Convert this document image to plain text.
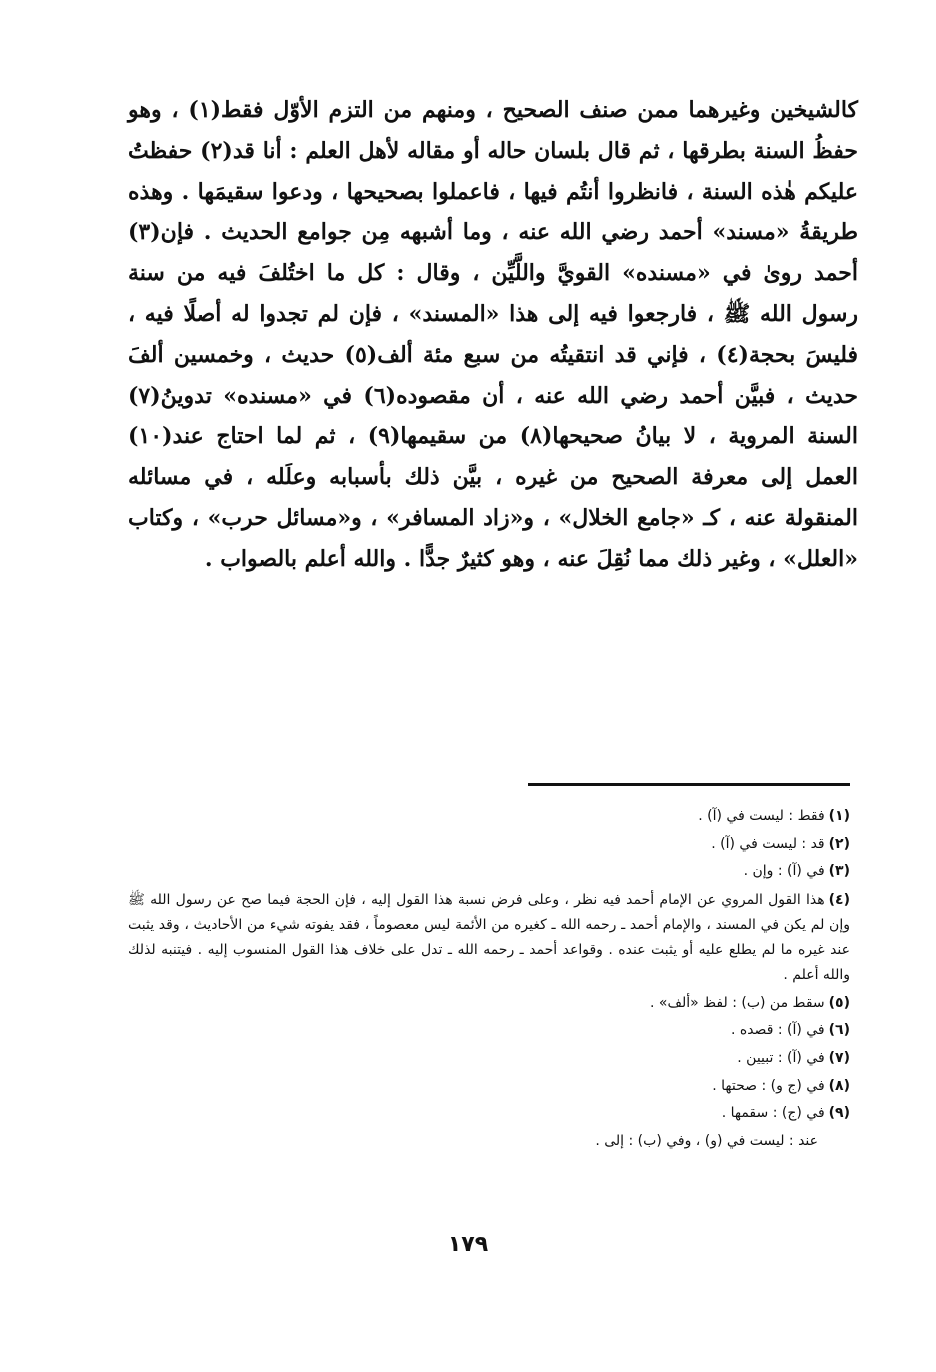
كالشيخين وغيرهما ممن صنف الصحيح ، ومنهم من التزم الأوّل فقط(١) ، وهو حفظُ السنة بطرقها ، ثم قال بلسان حاله أو مقاله لأهل العلم : أنا قد(٢) حفظتُ عليكم هٰذه السنة ، فانظروا أنتُم فيها ، فاعملوا بصحيحها ، ودعوا سقيمَها . وهذه طريقةُ «مسند» أحمد رضي الله عنه ، وما أشبهه مِن جوامع الحديث . فإن(٣) أحمد روىٰ في «مسنده» القويَّ واللَّيِّن ، وقال : كل ما اختُلفَ فيه من سنة رسول الله ﷺ ، فارجعوا فيه إلى هذا «المسند» ، فإن لم تجدوا له أصلًا فيه ، فليسَ بحجة(٤) ، فإني قد انتقيتُه من سبع مئة ألف(٥) حديث ، وخمسين ألفَ حديث ، فبيَّن أحمد رضي الله عنه ، أن مقصوده(٦) في «مسنده» تدوينُ(٧) السنة المروية ، لا بيانُ صحيحها(٨) من سقيمها(٩) ، ثم لما احتاج عند(١٠) العمل إلى معرفة الصحيح من غيره ، بيَّن ذلك بأسبابه وعلَله ، في مسائله المنقولة عنه ، كـ «جامع الخلال» ، و«زاد المسافر» ، و«مسائل حرب» ، وكتاب «العلل» ، وغير ذلك مما نُقِلَ عنه ، وهو كثيرٌ جدًّا . والله أعلم بالصواب .

(١)فقط : ليست في (آ) .
(٢)قد : ليست في (آ) .
(٣)في (آ) : وإن .
(٤)هذا القول المروي عن الإمام أحمد فيه نظر ، وعلى فرض نسبة هذا القول إليه ، فإن الحجة فيما صح عن رسول الله ﷺ وإن لم يكن في المسند ، والإمام أحمد ـ رحمه الله ـ كغيره من الأئمة ليس معصوماً ، فقد يفوته شيء من الأحاديث ، وقد يثبت عند غيره ما لم يطلع عليه أو يثبت عنده . وقواعد أحمد ـ رحمه الله ـ تدل على خلاف هذا القول المنسوب إليه . فيتنبه لذلك والله أعلم .
(٥)سقط من (ب) : لفظ «ألف» .
(٦)في (آ) : قصده .
(٧)في (آ) : تبيين .
(٨)في (ج و) : صحتها .
(٩)في (ج) : سقمها .
عند : ليست في (و) ، وفي (ب) : إلى .
١٧٩
